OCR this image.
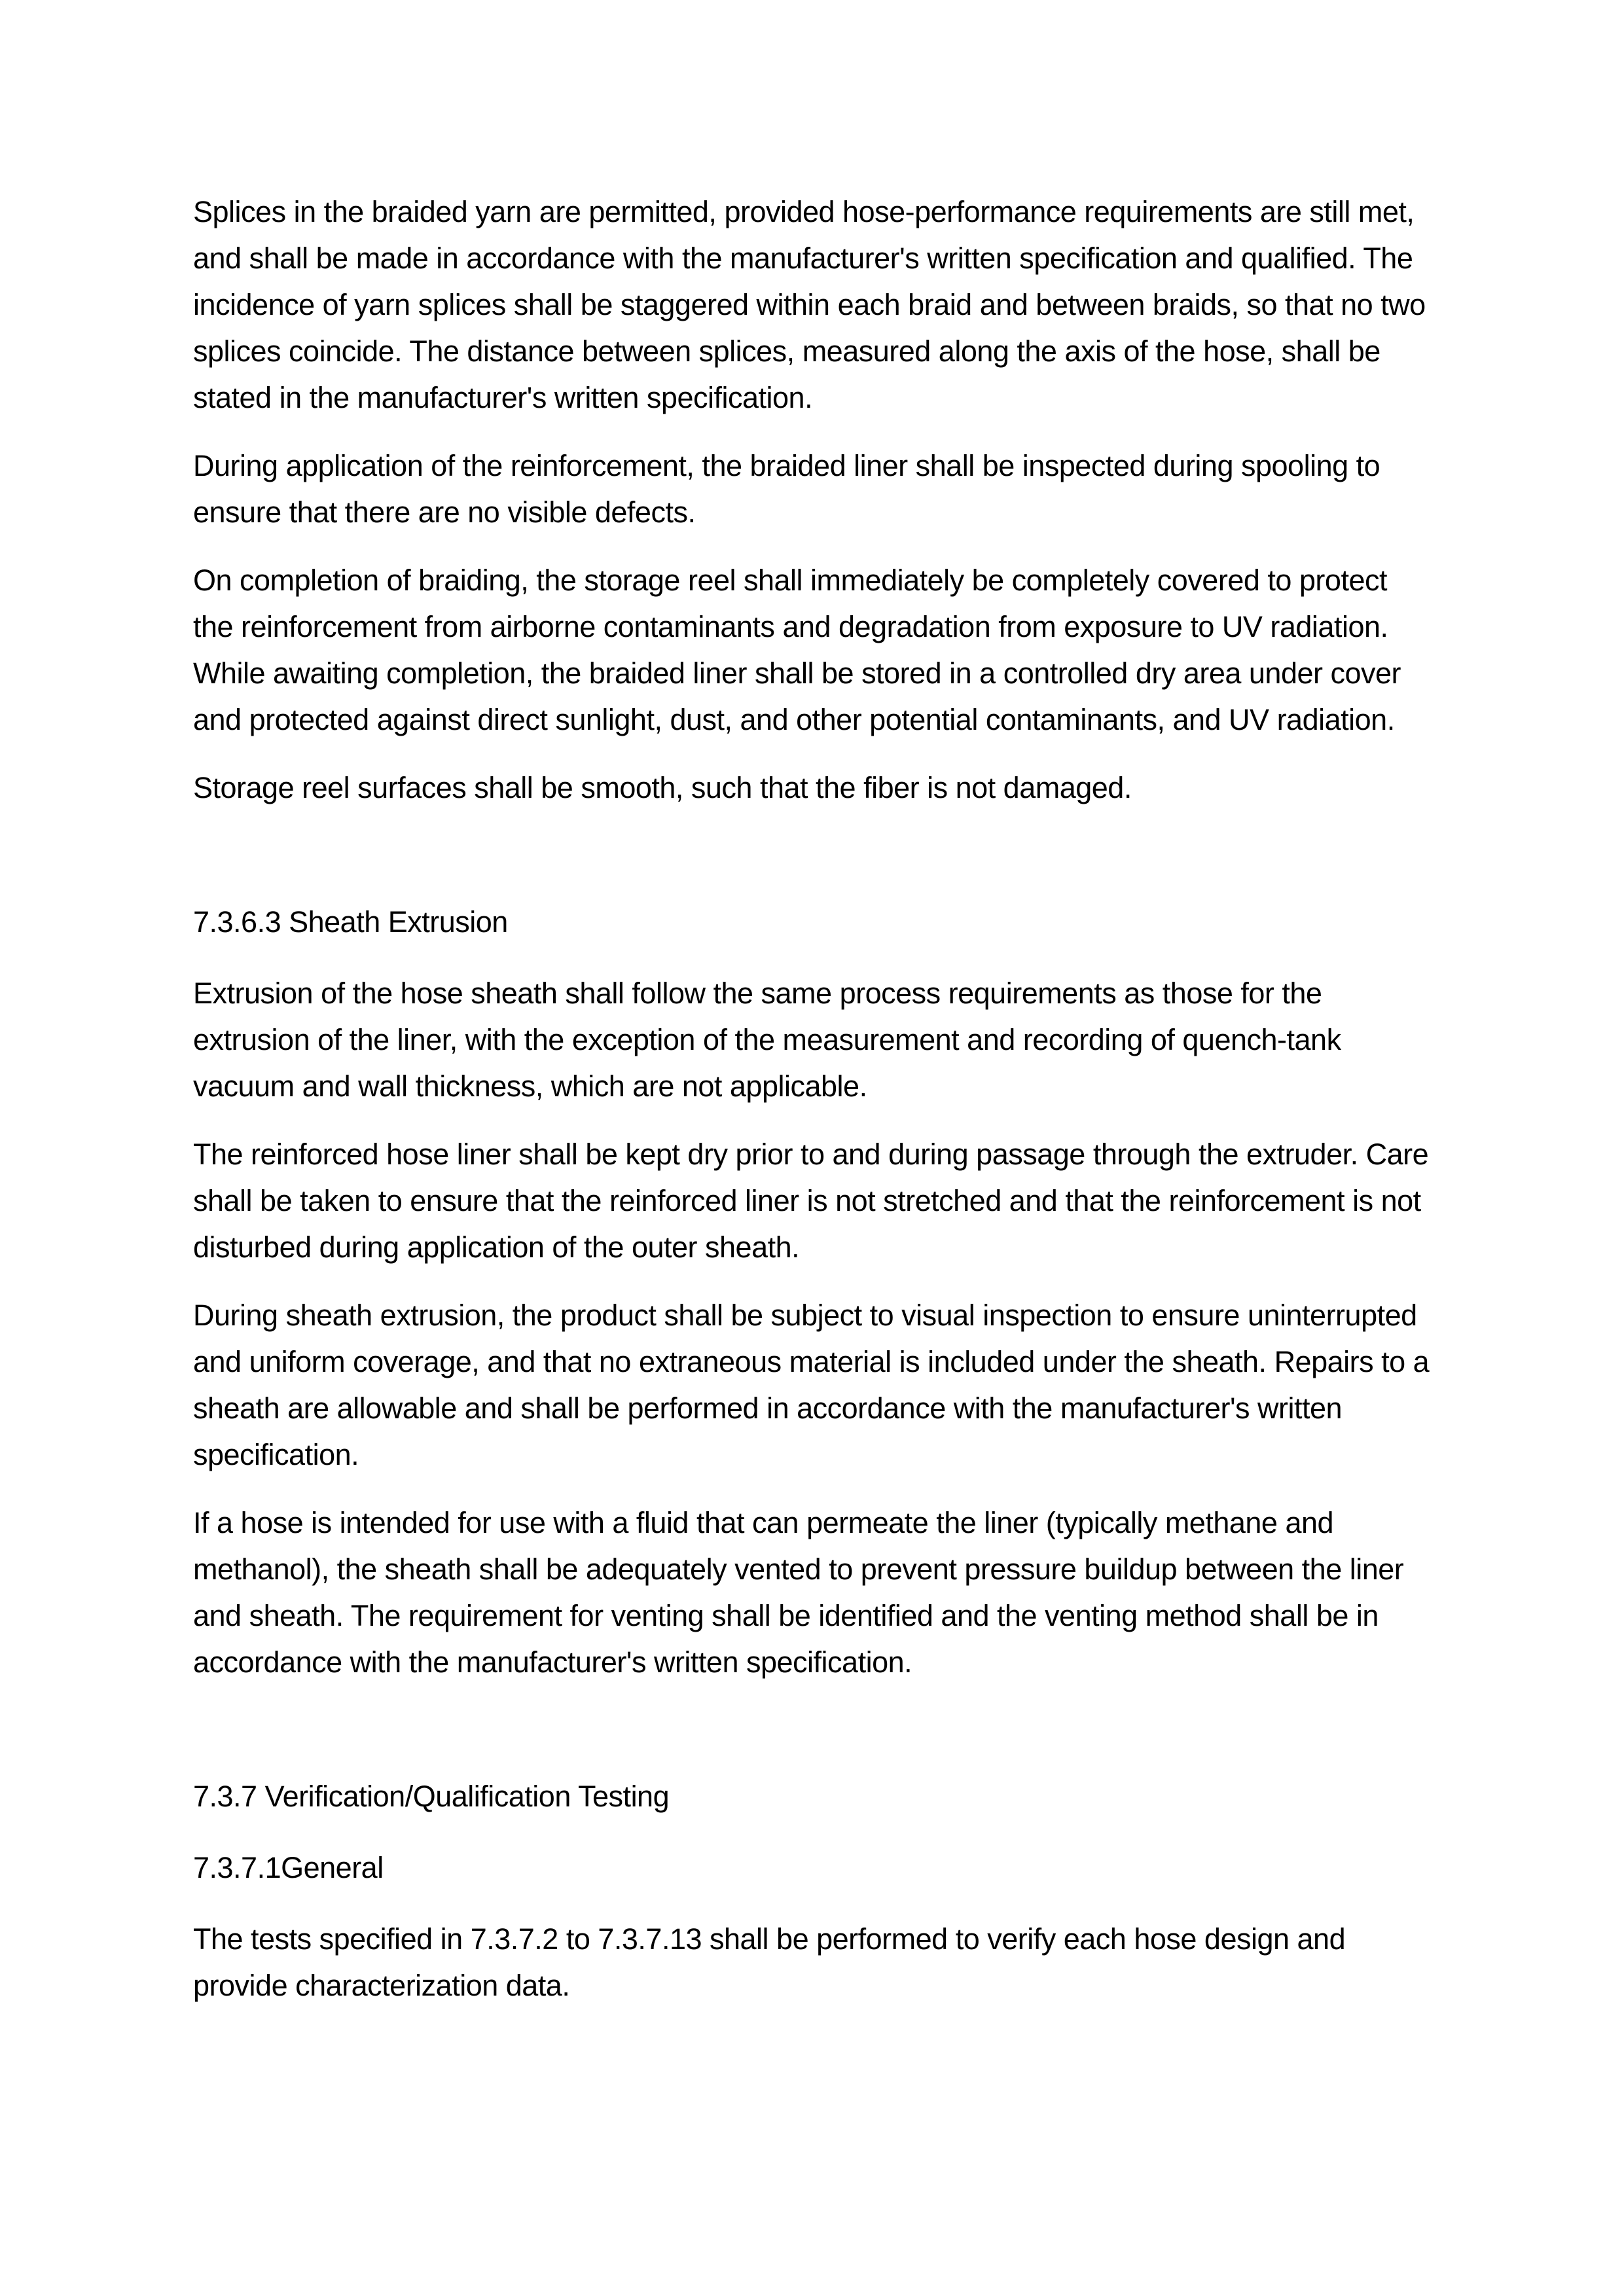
Splices in the braided yarn are permitted, provided hose-performance requirements are still met, and shall be made in accordance with the manufacturer's written specification and qualified. The incidence of yarn splices shall be staggered within each braid and between braids, so that no two splices coincide. The distance between splices, measured along the axis of the hose, shall be stated in the manufacturer's written specification.

During application of the reinforcement, the braided liner shall be inspected during spooling to ensure that there are no visible defects.

On completion of braiding, the storage reel shall immediately be completely covered to protect the reinforcement from airborne contaminants and degradation from exposure to UV radiation. While awaiting completion, the braided liner shall be stored in a controlled dry area under cover and protected against direct sunlight, dust, and other potential contaminants, and UV radiation.

Storage reel surfaces shall be smooth, such that the fiber is not damaged.

7.3.6.3 Sheath Extrusion

Extrusion of the hose sheath shall follow the same process requirements as those for the extrusion of the liner, with the exception of the measurement and recording of quench-tank vacuum and wall thickness, which are not applicable.

The reinforced hose liner shall be kept dry prior to and during passage through the extruder. Care shall be taken to ensure that the reinforced liner is not stretched and that the reinforcement is not disturbed during application of the outer sheath.

During sheath extrusion, the product shall be subject to visual inspection to ensure uninterrupted and uniform coverage, and that no extraneous material is included under the sheath. Repairs to a sheath are allowable and shall be performed in accordance with the manufacturer's written specification.

If a hose is intended for use with a fluid that can permeate the liner (typically methane and methanol), the sheath shall be adequately vented to prevent pressure buildup between the liner and sheath. The requirement for venting shall be identified and the venting method shall be in accordance with the manufacturer's written specification.

7.3.7 Verification/Qualification Testing

7.3.7.1General

The tests specified in 7.3.7.2 to 7.3.7.13 shall be performed to verify each hose design and provide characterization data.
